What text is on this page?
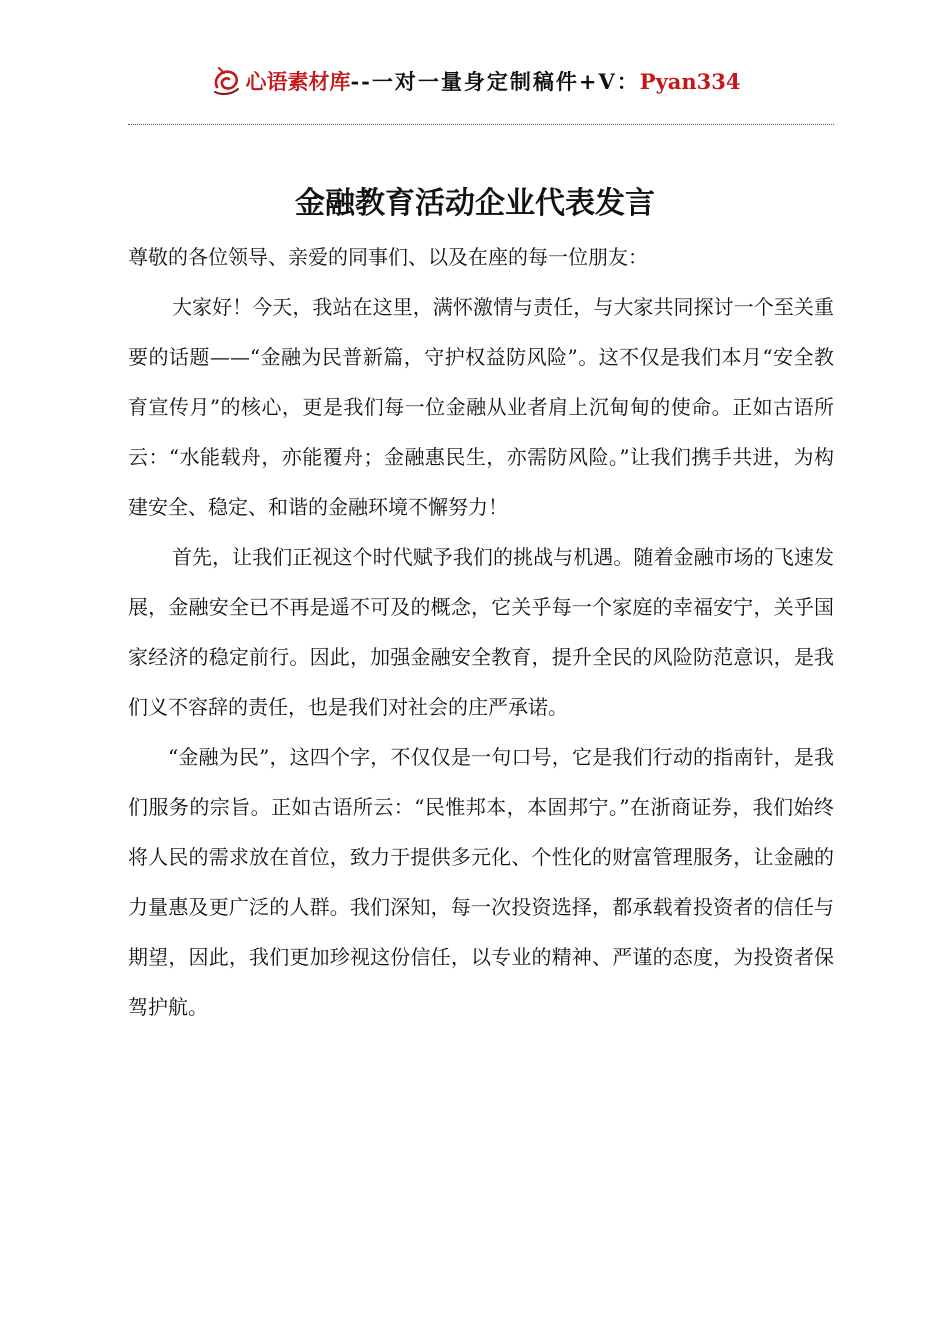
心语素材库--一对一量身定制稿件+V：Pyan334
金融教育活动企业代表发言

尊敬的各位领导、亲爱的同事们、以及在座的每一位朋友：

大家好！今天，我站在这里，满怀激情与责任，与大家共同探讨一个至关重要的话题——“金融为民普新篇，守护权益防风险”。这不仅是我们本月“安全教育宣传月”的核心，更是我们每一位金融从业者肩上沉甸甸的使命。正如古语所云：“水能载舟，亦能覆舟；金融惠民生，亦需防风险。”让我们携手共进，为构建安全、稳定、和谐的金融环境不懈努力！

首先，让我们正视这个时代赋予我们的挑战与机遇。随着金融市场的飞速发展，金融安全已不再是遥不可及的概念，它关乎每一个家庭的幸福安宁，关乎国家经济的稳定前行。因此，加强金融安全教育，提升全民的风险防范意识，是我们义不容辞的责任，也是我们对社会的庄严承诺。

“金融为民”，这四个字，不仅仅是一句口号，它是我们行动的指南针，是我们服务的宗旨。正如古语所云：“民惟邦本，本固邦宁。”在浙商证券，我们始终将人民的需求放在首位，致力于提供多元化、个性化的财富管理服务，让金融的力量惠及更广泛的人群。我们深知，每一次投资选择，都承载着投资者的信任与期望，因此，我们更加珍视这份信任，以专业的精神、严谨的态度，为投资者保驾护航。
